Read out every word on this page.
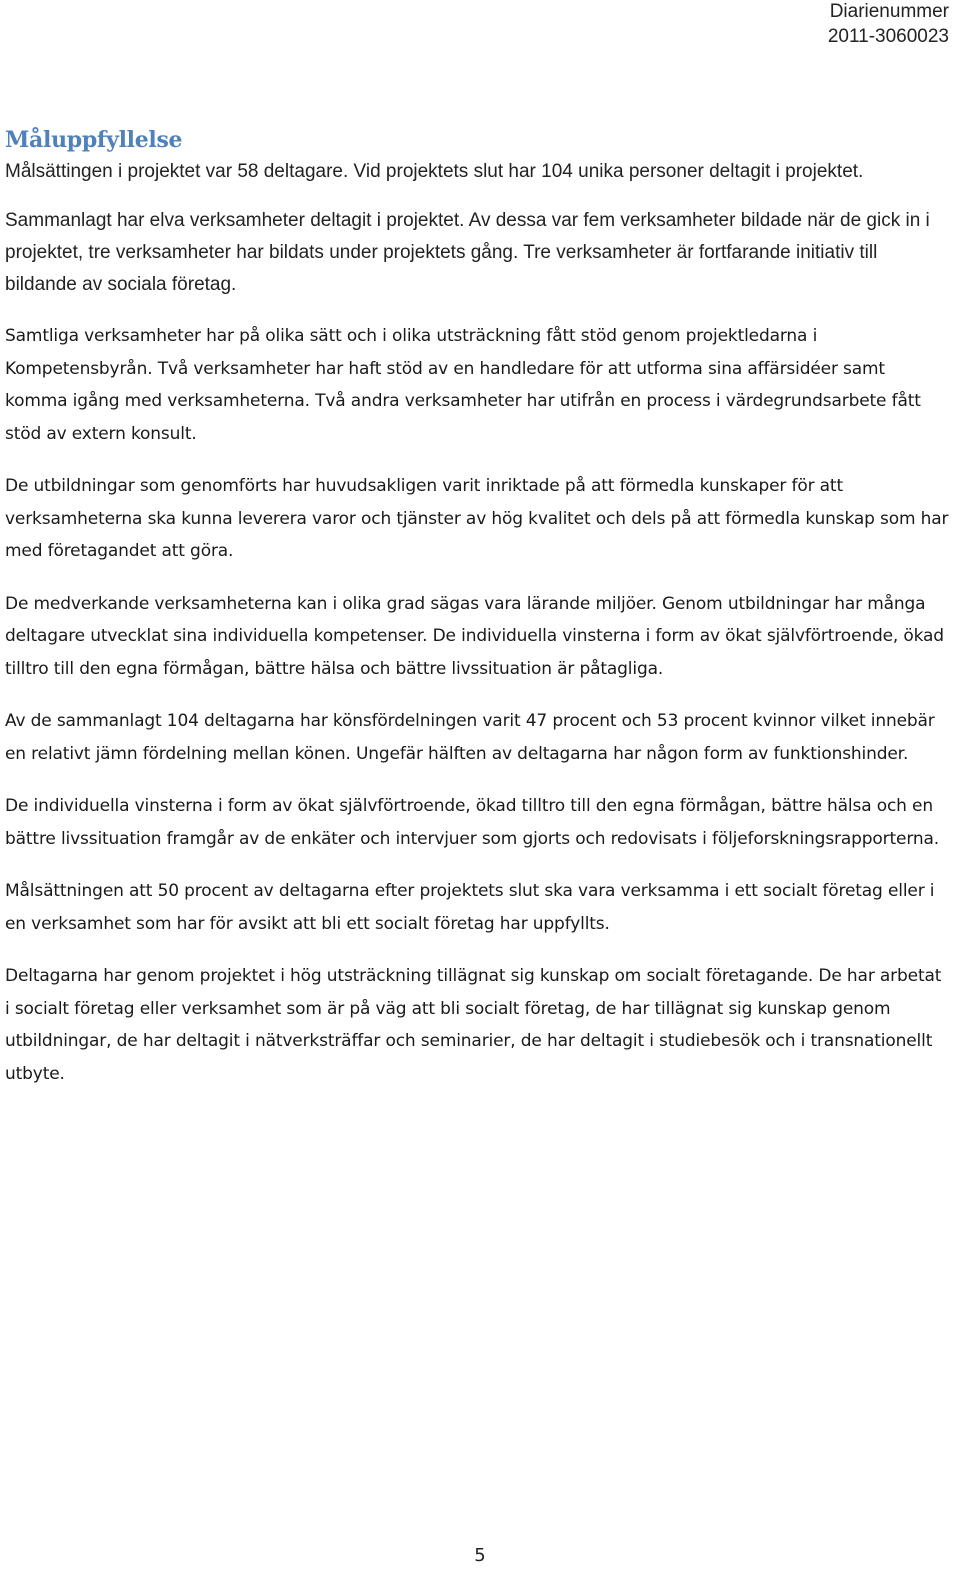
Diarienummer
2011-3060023
Måluppfyllelse

Målsättingen i projektet var 58 deltagare. Vid projektets slut har 104 unika personer deltagit i projektet.

Sammanlagt har elva verksamheter deltagit i projektet. Av dessa var fem verksamheter bildade när de gick in i projektet, tre verksamheter har bildats under projektets gång. Tre verksamheter är fortfarande initiativ till bildande av sociala företag.

Samtliga verksamheter har på olika sätt och i olika utsträckning fått stöd genom projektledarna i Kompetensbyrån. Två verksamheter har haft stöd av en handledare för att utforma sina affärsidéer samt komma igång med verksamheterna. Två andra verksamheter har utifrån en process i värdegrundsarbete fått stöd av extern konsult.

De utbildningar som genomförts har huvudsakligen varit inriktade på att förmedla kunskaper för att verksamheterna ska kunna leverera varor och tjänster av hög kvalitet och dels på att förmedla kunskap som har med företagandet att göra.

De medverkande verksamheterna kan i olika grad sägas vara lärande miljöer. Genom utbildningar har många deltagare utvecklat sina individuella kompetenser. De individuella vinsterna i form av ökat självförtroende, ökad tilltro till den egna förmågan, bättre hälsa och bättre livssituation är påtagliga.

Av de sammanlagt 104 deltagarna har könsfördelningen varit 47 procent och 53 procent kvinnor vilket innebär en relativt jämn fördelning mellan könen. Ungefär hälften av deltagarna har någon form av funktionshinder.

De individuella vinsterna i form av ökat självförtroende, ökad tilltro till den egna förmågan, bättre hälsa och en bättre livssituation framgår av de enkäter och intervjuer som gjorts och redovisats i följeforskningsrapporterna.

Målsättningen att 50 procent av deltagarna efter projektets slut ska vara verksamma i ett socialt företag eller i en verksamhet som har för avsikt att bli ett socialt företag har uppfyllts.

Deltagarna har genom projektet i hög utsträckning tillägnat sig kunskap om socialt företagande. De har arbetat i socialt företag eller verksamhet som är på väg att bli socialt företag, de har tillägnat sig kunskap genom utbildningar, de har deltagit i nätverksträffar och seminarier, de har deltagit i studiebesök och i transnationellt utbyte.

5
